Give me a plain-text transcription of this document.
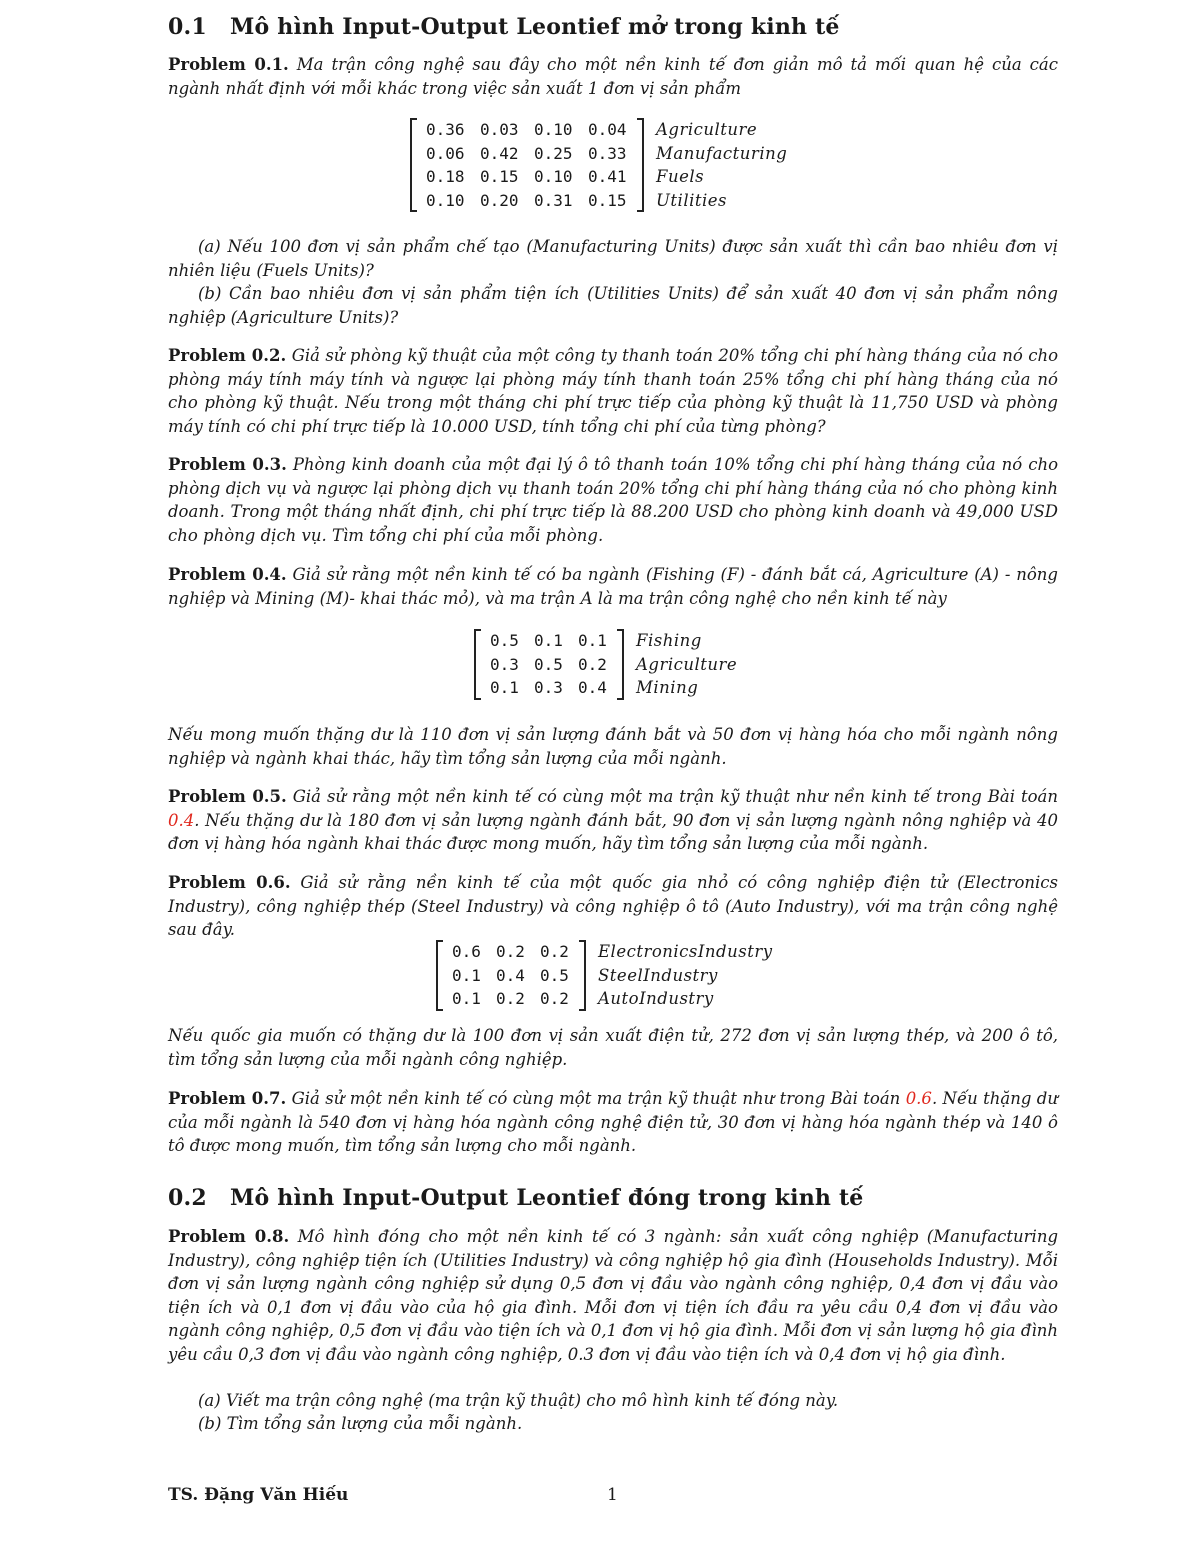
0.1 Mô hình Input-Output Leontief mở trong kinh tế
Problem 0.1. Ma trận công nghệ sau đây cho một nền kinh tế đơn giản mô tả mối quan hệ của các ngành nhất định với mỗi khác trong việc sản xuất 1 đơn vị sản phẩm
0.36 0.03 0.10 0.04
0.06 0.42 0.25 0.33
0.18 0.15 0.10 0.41
0.10 0.20 0.31 0.15
Agriculture
Manufacturing
Fuels
Utilities
(a) Nếu 100 đơn vị sản phẩm chế tạo (Manufacturing Units) được sản xuất thì cần bao nhiêu đơn vị nhiên liệu (Fuels Units)?
(b) Cần bao nhiêu đơn vị sản phẩm tiện ích (Utilities Units) để sản xuất 40 đơn vị sản phẩm nông nghiệp (Agriculture Units)?
Problem 0.2. Giả sử phòng kỹ thuật của một công ty thanh toán 20% tổng chi phí hàng tháng của nó cho phòng máy tính máy tính và ngược lại phòng máy tính thanh toán 25% tổng chi phí hàng tháng của nó cho phòng kỹ thuật. Nếu trong một tháng chi phí trực tiếp của phòng kỹ thuật là 11,750 USD và phòng máy tính có chi phí trực tiếp là 10.000 USD, tính tổng chi phí của từng phòng?
Problem 0.3. Phòng kinh doanh của một đại lý ô tô thanh toán 10% tổng chi phí hàng tháng của nó cho phòng dịch vụ và ngược lại phòng dịch vụ thanh toán 20% tổng chi phí hàng tháng của nó cho phòng kinh doanh. Trong một tháng nhất định, chi phí trực tiếp là 88.200 USD cho phòng kinh doanh và 49,000 USD cho phòng dịch vụ. Tìm tổng chi phí của mỗi phòng.
Problem 0.4. Giả sử rằng một nền kinh tế có ba ngành (Fishing (F) - đánh bắt cá, Agriculture (A) - nông nghiệp và Mining (M)- khai thác mỏ), và ma trận A là ma trận công nghệ cho nền kinh tế này
0.5 0.1 0.1
0.3 0.5 0.2
0.1 0.3 0.4
Fishing
Agriculture
Mining
Nếu mong muốn thặng dư là 110 đơn vị sản lượng đánh bắt và 50 đơn vị hàng hóa cho mỗi ngành nông nghiệp và ngành khai thác, hãy tìm tổng sản lượng của mỗi ngành.
Problem 0.5. Giả sử rằng một nền kinh tế có cùng một ma trận kỹ thuật như nền kinh tế trong Bài toán 0.4. Nếu thặng dư là 180 đơn vị sản lượng ngành đánh bắt, 90 đơn vị sản lượng ngành nông nghiệp và 40 đơn vị hàng hóa ngành khai thác được mong muốn, hãy tìm tổng sản lượng của mỗi ngành.
Problem 0.6. Giả sử rằng nền kinh tế của một quốc gia nhỏ có công nghiệp điện tử (Electronics Industry), công nghiệp thép (Steel Industry) và công nghiệp ô tô (Auto Industry), với ma trận công nghệ sau đây.
0.6 0.2 0.2
0.1 0.4 0.5
0.1 0.2 0.2
ElectronicsIndustry
SteelIndustry
AutoIndustry
Nếu quốc gia muốn có thặng dư là 100 đơn vị sản xuất điện tử, 272 đơn vị sản lượng thép, và 200 ô tô, tìm tổng sản lượng của mỗi ngành công nghiệp.
Problem 0.7. Giả sử một nền kinh tế có cùng một ma trận kỹ thuật như trong Bài toán 0.6. Nếu thặng dư của mỗi ngành là 540 đơn vị hàng hóa ngành công nghệ điện tử, 30 đơn vị hàng hóa ngành thép và 140 ô tô được mong muốn, tìm tổng sản lượng cho mỗi ngành.
0.2 Mô hình Input-Output Leontief đóng trong kinh tế
Problem 0.8. Mô hình đóng cho một nền kinh tế có 3 ngành: sản xuất công nghiệp (Manufacturing Industry), công nghiệp tiện ích (Utilities Industry) và công nghiệp hộ gia đình (Households Industry). Mỗi đơn vị sản lượng ngành công nghiệp sử dụng 0,5 đơn vị đầu vào ngành công nghiệp, 0,4 đơn vị đầu vào tiện ích và 0,1 đơn vị đầu vào của hộ gia đình. Mỗi đơn vị tiện ích đầu ra yêu cầu 0,4 đơn vị đầu vào ngành công nghiệp, 0,5 đơn vị đầu vào tiện ích và 0,1 đơn vị hộ gia đình. Mỗi đơn vị sản lượng hộ gia đình yêu cầu 0,3 đơn vị đầu vào ngành công nghiệp, 0.3 đơn vị đầu vào tiện ích và 0,4 đơn vị hộ gia đình.
(a) Viết ma trận công nghệ (ma trận kỹ thuật) cho mô hình kinh tế đóng này.
(b) Tìm tổng sản lượng của mỗi ngành.
TS. Đặng Văn Hiếu	1
